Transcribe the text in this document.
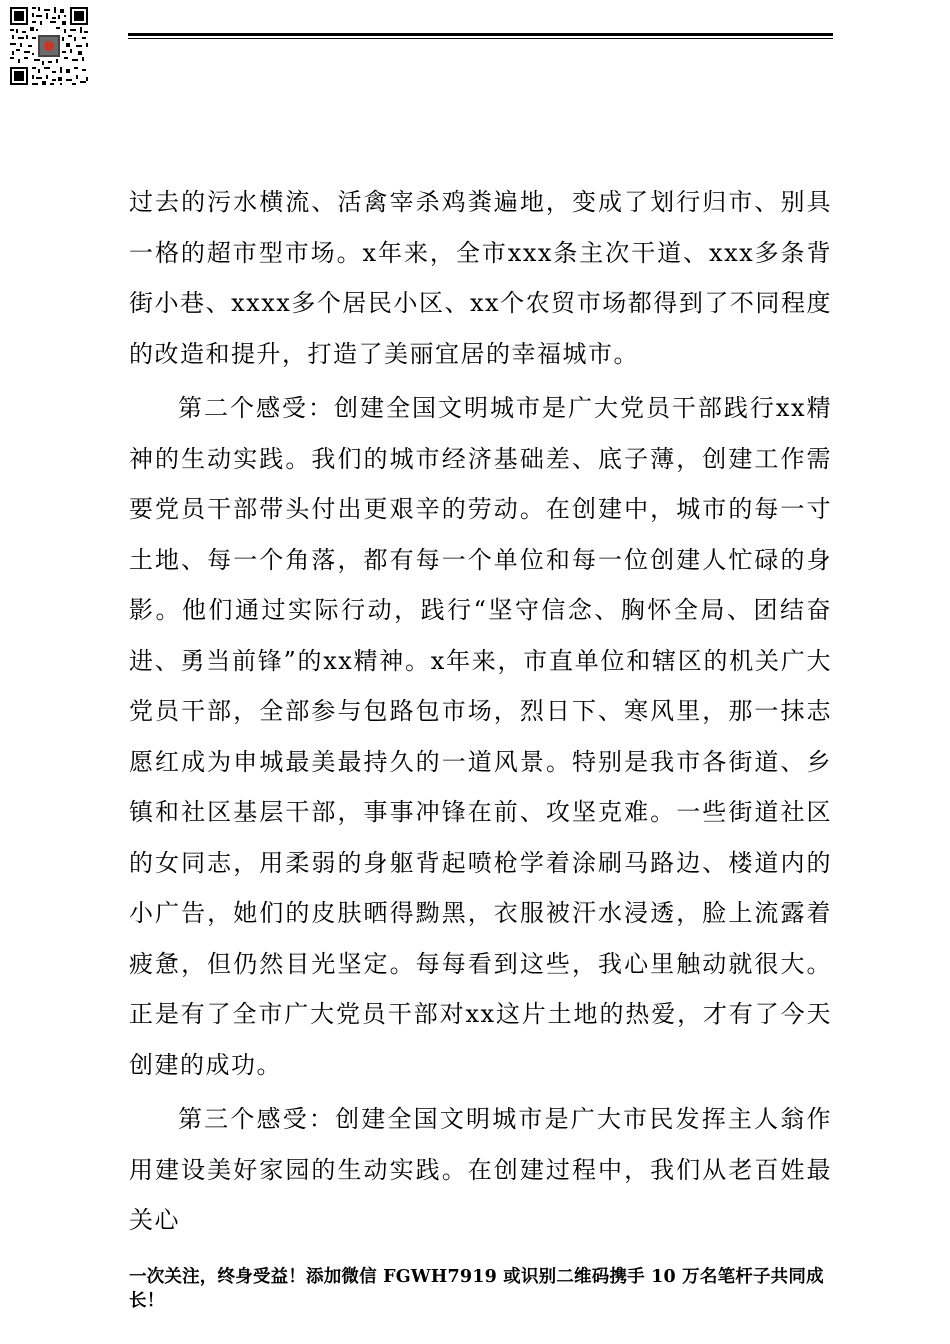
过去的污水横流、活禽宰杀鸡粪遍地，变成了划行归市、别具一格的超市型市场。x年来，全市xxx条主次干道、xxx多条背街小巷、xxxx多个居民小区、xx个农贸市场都得到了不同程度的改造和提升，打造了美丽宜居的幸福城市。

第二个感受：创建全国文明城市是广大党员干部践行xx精神的生动实践。我们的城市经济基础差、底子薄，创建工作需要党员干部带头付出更艰辛的劳动。在创建中，城市的每一寸土地、每一个角落，都有每一个单位和每一位创建人忙碌的身影。他们通过实际行动，践行“坚守信念、胸怀全局、团结奋进、勇当前锋”的xx精神。x年来，市直单位和辖区的机关广大党员干部，全部参与包路包市场，烈日下、寒风里，那一抹志愿红成为申城最美最持久的一道风景。特别是我市各街道、乡镇和社区基层干部，事事冲锋在前、攻坚克难。一些街道社区的女同志，用柔弱的身躯背起喷枪学着涂刷马路边、楼道内的小广告，她们的皮肤晒得黝黑，衣服被汗水浸透，脸上流露着疲惫，但仍然目光坚定。每每看到这些，我心里触动就很大。正是有了全市广大党员干部对xx这片土地的热爱，才有了今天创建的成功。

第三个感受：创建全国文明城市是广大市民发挥主人翁作用建设美好家园的生动实践。在创建过程中，我们从老百姓最关心

一次关注，终身受益！添加微信 FGWH7919 或识别二维码携手 10 万名笔杆子共同成长！
